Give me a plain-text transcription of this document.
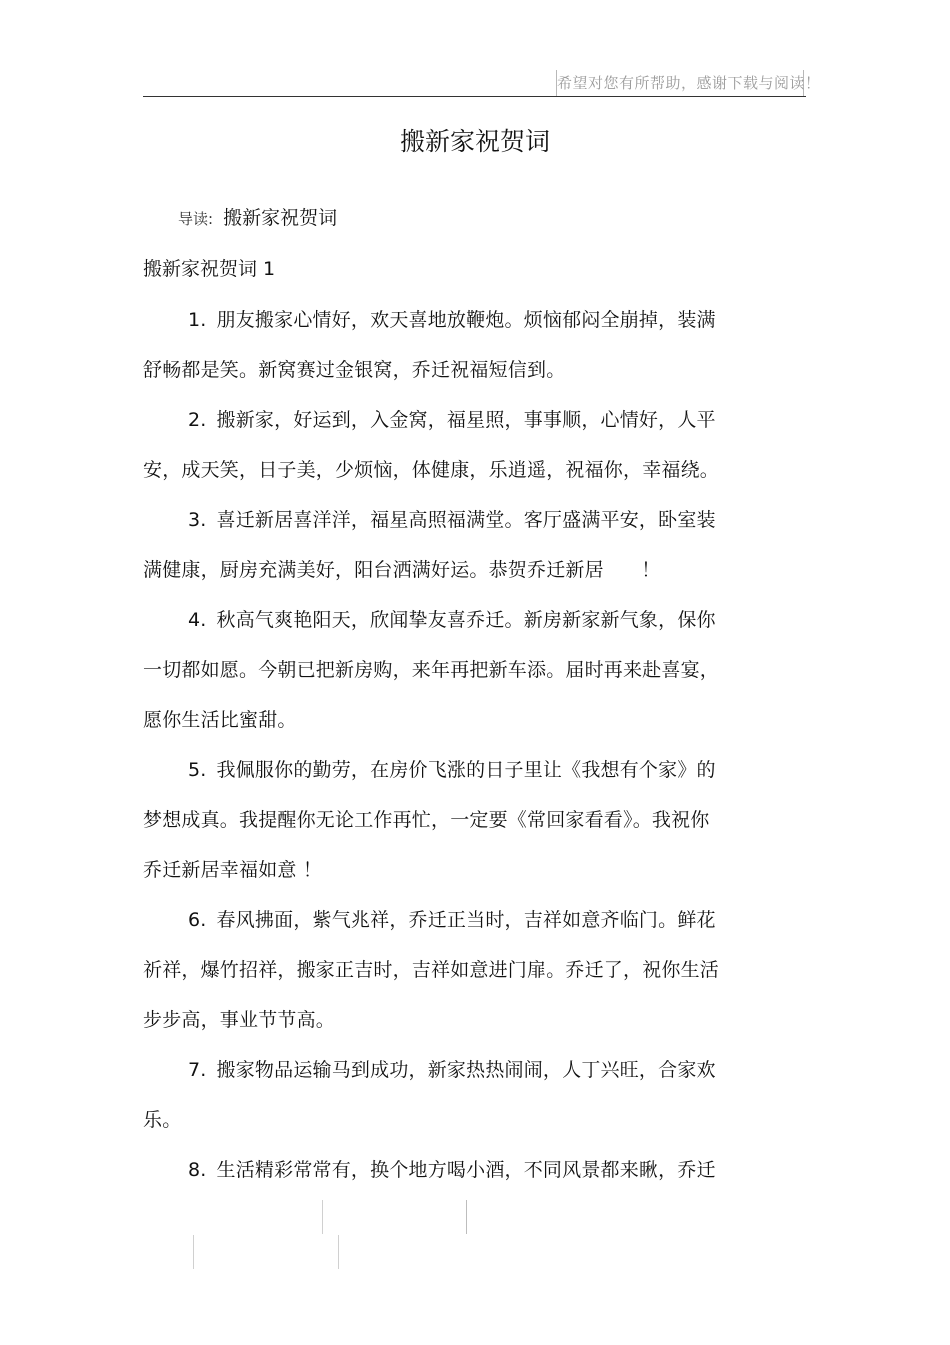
希望对您有所帮助，感谢下载与阅读！
搬新家祝贺词
导读: 搬新家祝贺词
搬新家祝贺词 1
1. 朋友搬家心情好，欢天喜地放鞭炮。烦恼郁闷全崩掉，装满
舒畅都是笑。新窝赛过金银窝，乔迁祝福短信到。
2. 搬新家，好运到，入金窝，福星照，事事顺，心情好，人平
安，成天笑，日子美，少烦恼，体健康，乐逍遥，祝福你，幸福绕。
3. 喜迁新居喜洋洋，福星高照福满堂。客厅盛满平安，卧室装
满健康，厨房充满美好，阳台洒满好运。恭贺乔迁新居      ！
4. 秋高气爽艳阳天，欣闻挚友喜乔迁。新房新家新气象，保你
一切都如愿。今朝已把新房购，来年再把新车添。届时再来赴喜宴，
愿你生活比蜜甜。
5. 我佩服你的勤劳，在房价飞涨的日子里让《我想有个家》的
梦想成真。我提醒你无论工作再忙，一定要《常回家看看》。我祝你
乔迁新居幸福如意 ！
6. 春风拂面，紫气兆祥，乔迁正当时，吉祥如意齐临门。鲜花
祈祥，爆竹招祥，搬家正吉时，吉祥如意进门扉。乔迁了，祝你生活
步步高，事业节节高。
7. 搬家物品运输马到成功，新家热热闹闹，人丁兴旺，合家欢
乐。
8. 生活精彩常常有，换个地方喝小酒，不同风景都来瞅，乔迁
